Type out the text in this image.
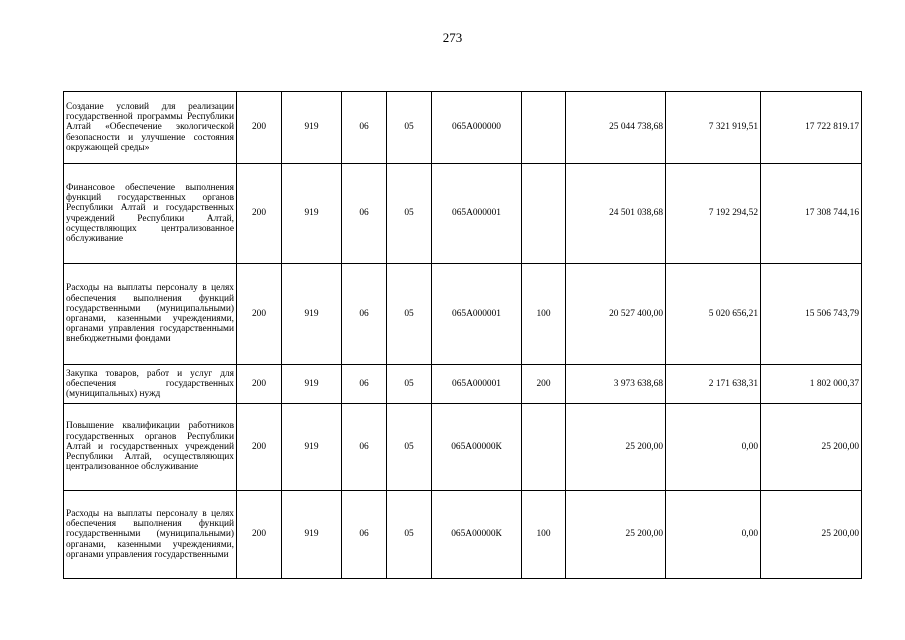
273
Создание условий для реализации государственной программы Республики Алтай «Обеспечение экологической безопасности и улучшение состояния окружающей среды»	200	919	06	05	065А000000		25 044 738,68	7 321 919,51	17 722 819.17
Финансовое обеспечение выполнения функций государственных органов Республики Алтай и государственных учреждений Республики Алтай, осуществляющих централизованное обслуживание	200	919	06	05	065А000001		24 501 038,68	7 192 294,52	17 308 744,16
Расходы на выплаты персоналу в целях обеспечения выполнения функций государственными (муниципальными) органами, казенными учреждениями, органами управления государственными внебюджетными фондами	200	919	06	05	065А000001	100	20 527 400,00	5 020 656,21	15 506 743,79
Закупка товаров, работ и услуг для обеспечения государственных (муниципальных) нужд	200	919	06	05	065А000001	200	3 973 638,68	2 171 638,31	1 802 000,37
Повышение квалификации работников государственных органов Республики Алтай и государственных учреждений Республики Алтай, осуществляющих централизованное обслуживание	200	919	06	05	065А00000К		25 200,00	0,00	25 200,00
Расходы на выплаты персоналу в целях обеспечения выполнения функций государственными (муниципальными) органами, казенными учреждениями, органами управления государственными	200	919	06	05	065А00000К	100	25 200,00	0,00	25 200,00
